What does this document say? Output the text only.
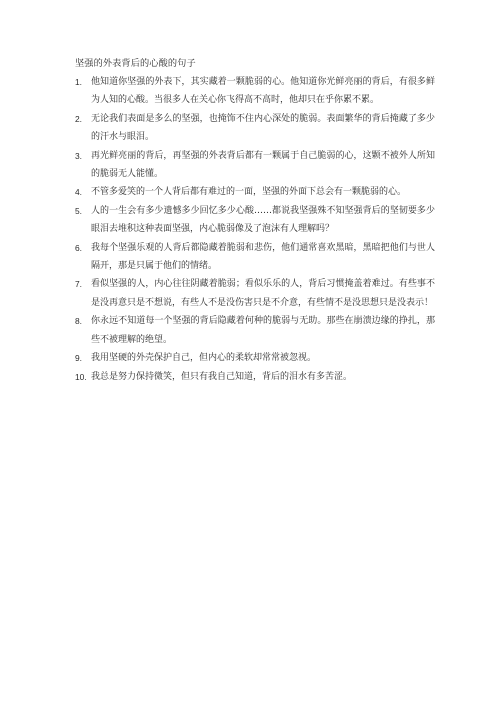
坚强的外表背后的心酸的句子
1. 他知道你坚强的外表下，其实藏着一颗脆弱的心。他知道你光鲜亮丽的背后，有很多鲜为人知的心酸。当很多人在关心你飞得高不高时，他却只在乎你累不累。
2. 无论我们表面是多么的坚强，也掩饰不住内心深处的脆弱。表面繁华的背后掩藏了多少的汗水与眼泪。
3. 再光鲜亮丽的背后，再坚强的外表背后都有一颗属于自己脆弱的心，这颗不被外人所知的脆弱无人能懂。
4. 不管多爱笑的一个人背后都有难过的一面，坚强的外面下总会有一颗脆弱的心。
5. 人的一生会有多少遗憾多少回忆多少心酸……都说我坚强殊不知坚强背后的坚韧要多少眼泪去堆积这种表面坚强，内心脆弱像及了泡沫有人理解吗？
6. 我每个坚强乐观的人背后都隐藏着脆弱和悲伤，他们通常喜欢黑暗，黑暗把他们与世人隔开，那是只属于他们的情绪。
7. 看似坚强的人，内心往往阴藏着脆弱；看似乐乐的人，背后习惯掩盖着难过。有些事不是没再意只是不想说，有些人不是没伤害只是不介意，有些情不是没思想只是没表示！
8. 你永远不知道每一个坚强的背后隐藏着何种的脆弱与无助。那些在崩溃边缘的挣扎，那些不被理解的绝望。
9. 我用坚硬的外壳保护自己，但内心的柔软却常常被忽视。
10. 我总是努力保持微笑，但只有我自己知道，背后的泪水有多苦涩。
